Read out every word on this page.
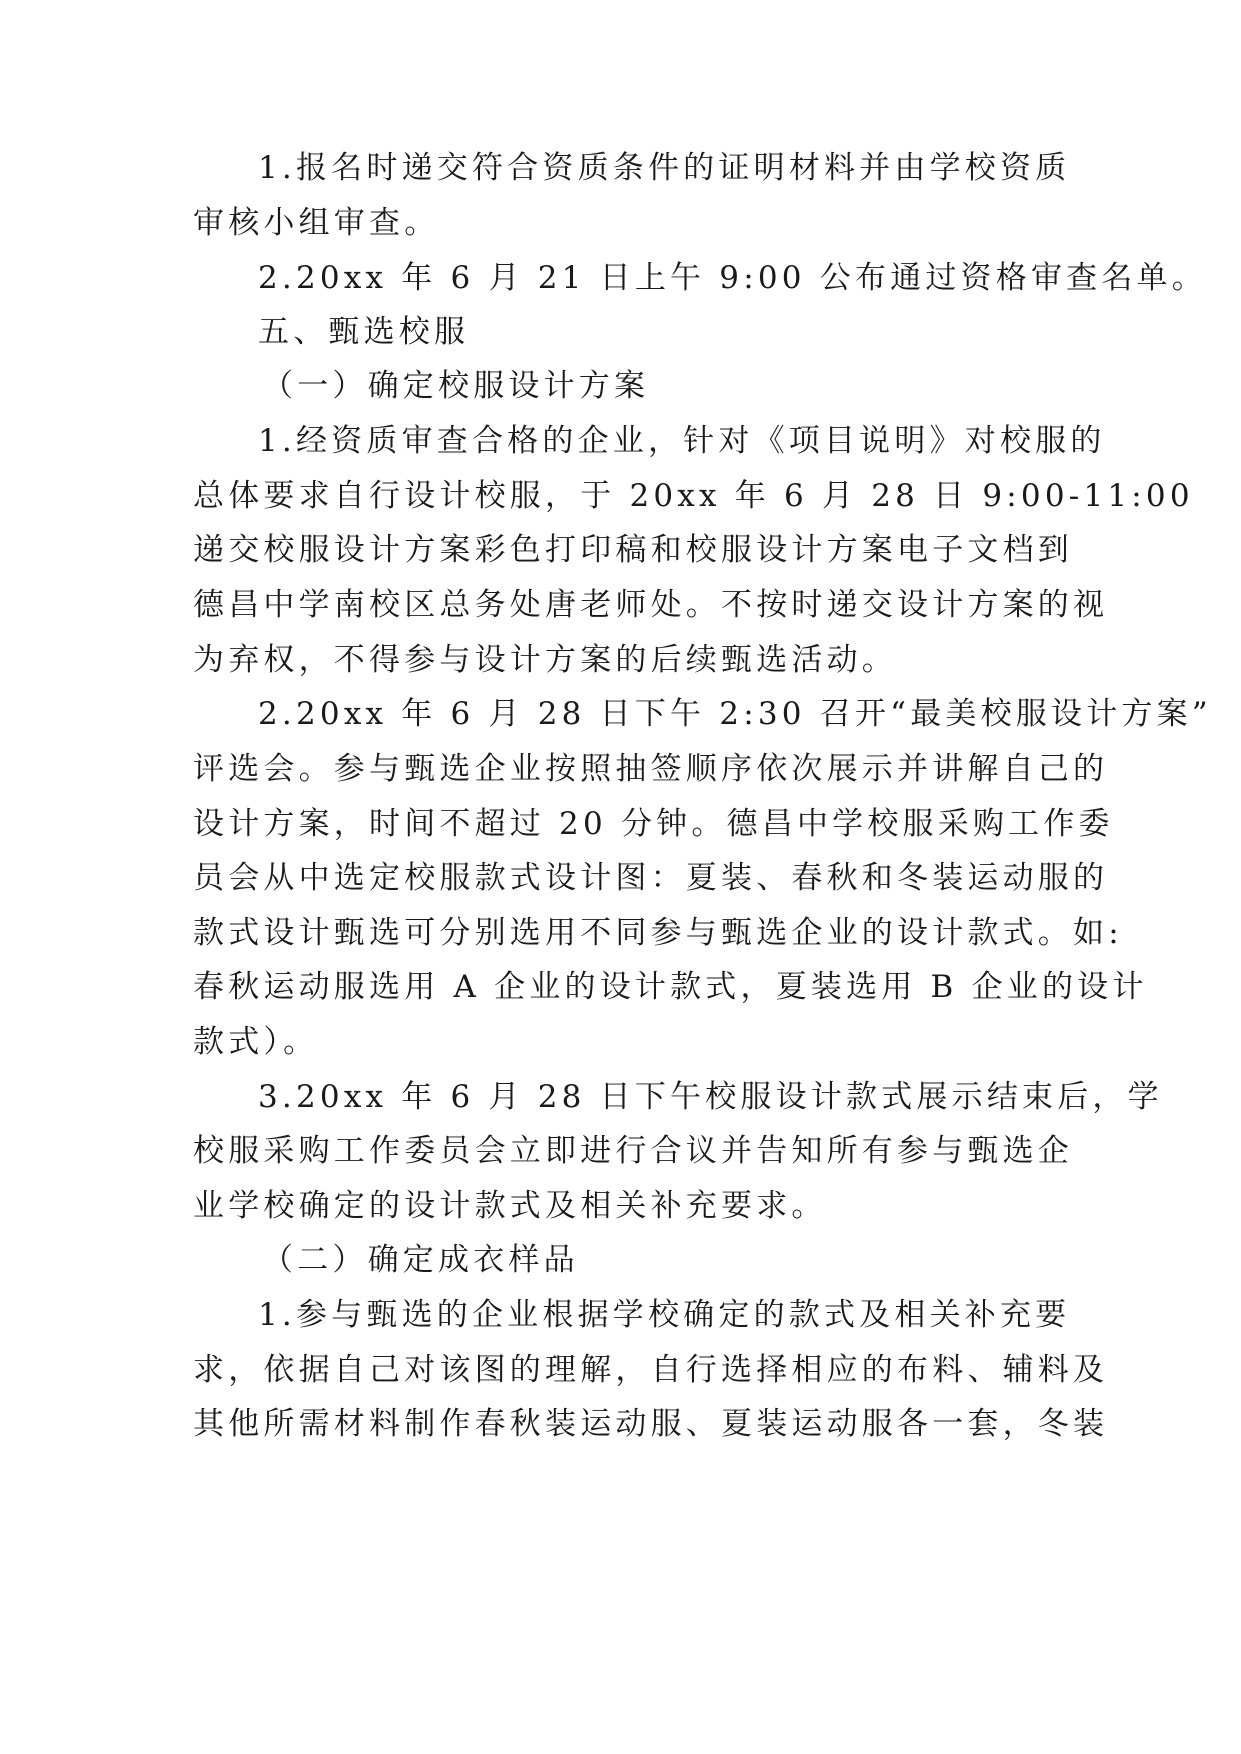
1.报名时递交符合资质条件的证明材料并由学校资质
审核小组审查。
2.20xx 年 6 月 21 日上午 9:00 公布通过资格审查名单。
五、甄选校服
（一）确定校服设计方案
1.经资质审查合格的企业，针对《项目说明》对校服的
总体要求自行设计校服，于 20xx 年 6 月 28 日 9:00-11:00
递交校服设计方案彩色打印稿和校服设计方案电子文档到
德昌中学南校区总务处唐老师处。不按时递交设计方案的视
为弃权，不得参与设计方案的后续甄选活动。
2.20xx 年 6 月 28 日下午 2:30 召开“最美校服设计方案”
评选会。参与甄选企业按照抽签顺序依次展示并讲解自己的
设计方案，时间不超过 20 分钟。德昌中学校服采购工作委
员会从中选定校服款式设计图：夏装、春秋和冬装运动服的
款式设计甄选可分别选用不同参与甄选企业的设计款式。如:
春秋运动服选用 A 企业的设计款式，夏装选用 B 企业的设计
款式）。
3.20xx 年 6 月 28 日下午校服设计款式展示结束后，学
校服采购工作委员会立即进行合议并告知所有参与甄选企
业学校确定的设计款式及相关补充要求。
（二）确定成衣样品
1.参与甄选的企业根据学校确定的款式及相关补充要
求，依据自己对该图的理解，自行选择相应的布料、辅料及
其他所需材料制作春秋装运动服、夏装运动服各一套，冬装
